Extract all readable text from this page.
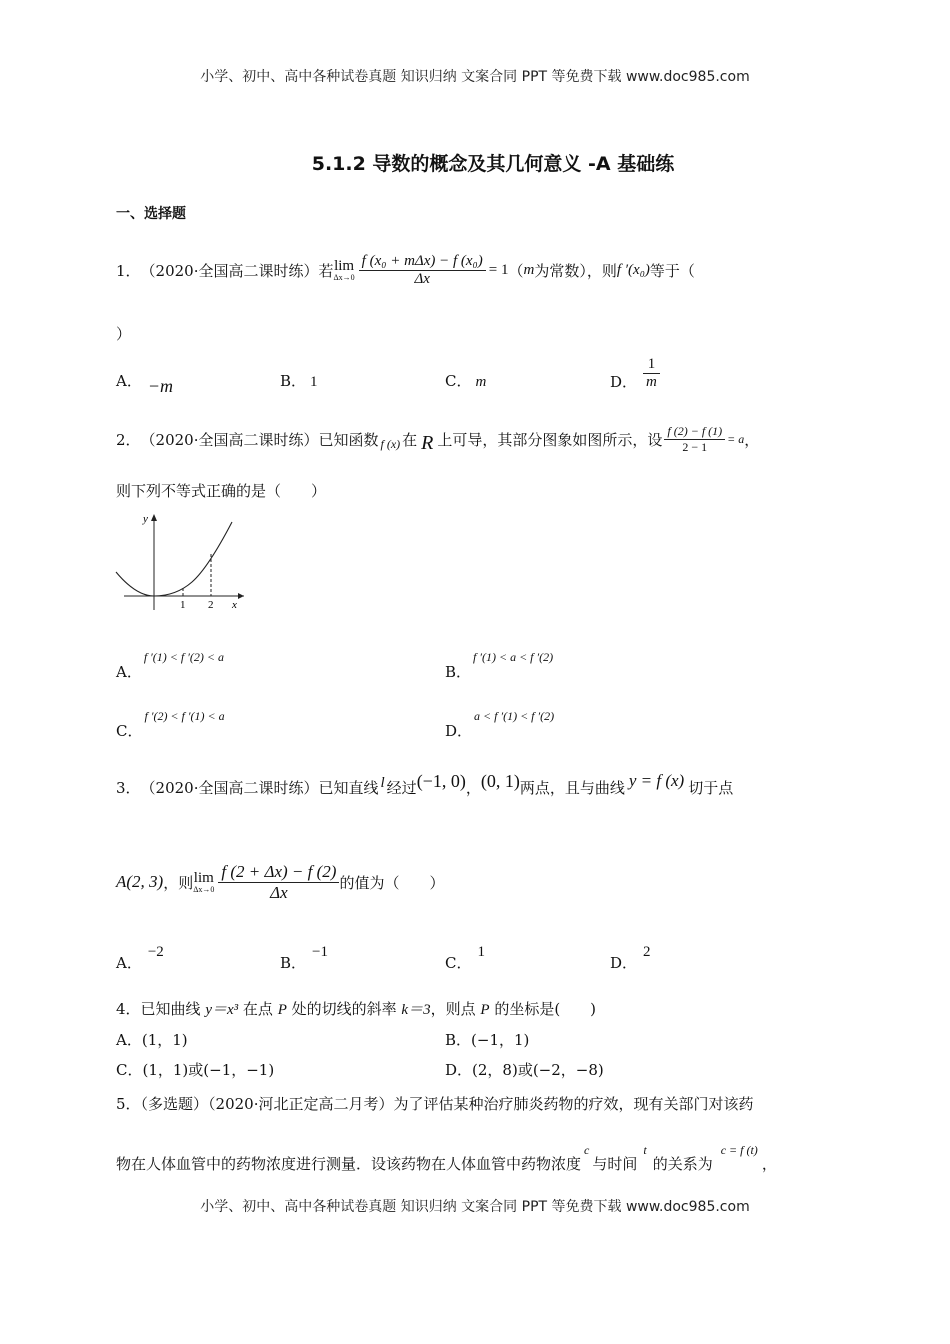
小学、初中、高中各种试卷真题 知识归纳 文案合同 PPT 等免费下载 www.doc985.com
5.1.2 导数的概念及其几何意义 -A 基础练
一、选择题
1． （2020·全国高二课时练）若 lim
$\Delta x\to 0 \frac{\text{f (x₀ + mΔx) − f (x₀)}}{\Delta x} = 1$ （ m 为常数），则 f ′(x₀) 等于（
）
A． −m	B． 1	C． m	D． $\frac{1}{m}$
2． （2020·全国高二课时练）已知函数 f (x) 在 R 上可导，其部分图象如图所示，设 $\frac{f (2) - f (1)}{2 - 1} = a$ ，
则下列不等式正确的是（　　）
y
x
1 2
A．f ′(1) < f ′(2) < a
B．f ′(1) < a < f ′(2)
C．f ′(2) < f ′(1) < a
D．a < f ′(1) < f ′(2)
3． （2020·全国高二课时练）已知直线 l 经过 (−1, 0) ， (0, 1) 两点，且与曲线 y = f (x) 切于点
A(2, 3) ，则 lim
$\Delta x\to 0 \frac{f (2 + \Delta x) - f (2)}{\Delta x}$ 的值为（　　）
A．−2
B．−1
C．1
D．2
4．已知曲线 y＝x³ 在点 P 处的切线的斜率 k＝3，则点 P 的坐标是(　　)
A．(1，1)	B．(−1，1)
C．(1，1)或(−1，−1)	D．(2，8)或(−2，−8)
5．（多选题）（2020·河北正定高二月考）为了评估某种治疗肺炎药物的疗效，现有关部门对该药
物在人体血管中的药物浓度进行测量．设该药物在人体血管中药物浓度
c
与时间
t
的关系为
c = f (t)
，
小学、初中、高中各种试卷真题 知识归纳 文案合同 PPT 等免费下载 www.doc985.com
